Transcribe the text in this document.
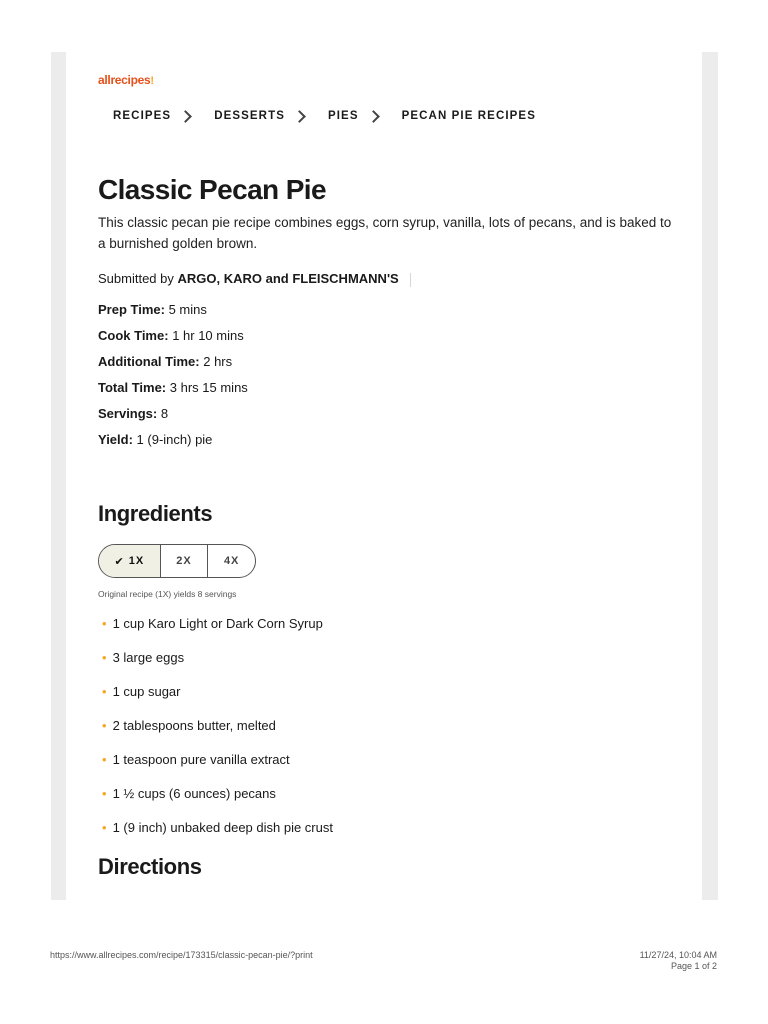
allrecipes!
RECIPES	DESSERTS	PIES	PECAN PIE RECIPES
Classic Pecan Pie

This classic pecan pie recipe combines eggs, corn syrup, vanilla, lots of pecans, and is baked to a burnished golden brown.

Submitted by ARGO, KARO and FLEISCHMANN'S
Prep Time: 5 mins
Cook Time: 1 hr 10 mins
Additional Time: 2 hrs
Total Time: 3 hrs 15 mins
Servings: 8
Yield: 1 (9-inch) pie
Ingredients
✔ 1X	2X	4X
Original recipe (1X) yields 8 servings
• 1 cup Karo Light or Dark Corn Syrup
• 3 large eggs
• 1 cup sugar
• 2 tablespoons butter, melted
• 1 teaspoon pure vanilla extract
• 1 ½ cups (6 ounces) pecans
• 1 (9 inch) unbaked deep dish pie crust
Directions
https://www.allrecipes.com/recipe/173315/classic-pecan-pie/?print	11/27/24, 10:04 AM
Page 1 of 2
